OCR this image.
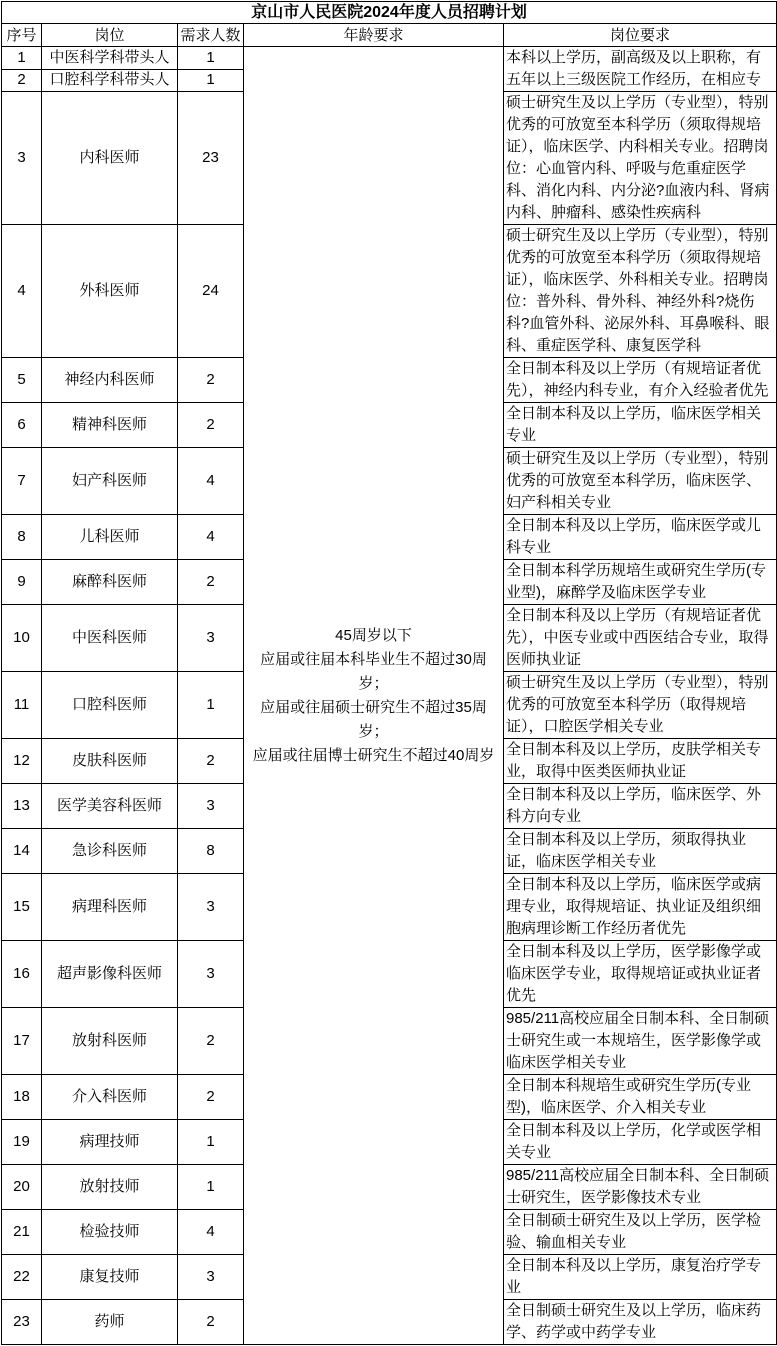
京山市人民医院2024年度人员招聘计划				
序号	岗位	需求人数	年龄要求	岗位要求
1	中医科学科带头人	1	45周岁以下
应届或往届本科毕业生不超过30周岁；
应届或往届硕士研究生不超过35周岁；
应届或往届博士研究生不超过40周岁	本科以上学历，副高级及以上职称，有五年以上三级医院工作经历，在相应专
2	口腔科学科带头人	1		
3	内科医师	23		硕士研究生及以上学历（专业型），特别优秀的可放宽至本科学历（须取得规培证），临床医学、内科相关专业。招聘岗位：心血管内科、呼吸与危重症医学科、消化内科、内分泌?血液内科、肾病内科、肿瘤科、感染性疾病科
4	外科医师	24		硕士研究生及以上学历（专业型），特别优秀的可放宽至本科学历（须取得规培证），临床医学、外科相关专业。招聘岗位：普外科、骨外科、神经外科?烧伤科?血管外科、泌尿外科、耳鼻喉科、眼科、重症医学科、康复医学科
5	神经内科医师	2		全日制本科及以上学历（有规培证者优先），神经内科专业，有介入经验者优先
6	精神科医师	2		全日制本科及以上学历，临床医学相关专业
7	妇产科医师	4		硕士研究生及以上学历（专业型），特别优秀的可放宽至本科学历，临床医学、妇产科相关专业
8	儿科医师	4		全日制本科及以上学历，临床医学或儿科专业
9	麻醉科医师	2		全日制本科学历规培生或研究生学历(专业型)，麻醉学及临床医学专业
10	中医科医师	3		全日制本科及以上学历（有规培证者优先），中医专业或中西医结合专业，取得医师执业证
11	口腔科医师	1		硕士研究生及以上学历（专业型），特别优秀的可放宽至本科学历（取得规培证），口腔医学相关专业
12	皮肤科医师	2		全日制本科及以上学历，皮肤学相关专业，取得中医类医师执业证
13	医学美容科医师	3		全日制本科及以上学历，临床医学、外科方向专业
14	急诊科医师	8		全日制本科及以上学历，须取得执业证，临床医学相关专业
15	病理科医师	3		全日制本科及以上学历，临床医学或病理专业，取得规培证、执业证及组织细胞病理诊断工作经历者优先
16	超声影像科医师	3		全日制本科及以上学历，医学影像学或临床医学专业，取得规培证或执业证者优先
17	放射科医师	2		985/211高校应届全日制本科、全日制硕士研究生或一本规培生，医学影像学或临床医学相关专业
18	介入科医师	2		全日制本科规培生或研究生学历(专业型)，临床医学、介入相关专业
19	病理技师	1		全日制本科及以上学历，化学或医学相关专业
20	放射技师	1		985/211高校应届全日制本科、全日制硕士研究生，医学影像技术专业
21	检验技师	4		全日制硕士研究生及以上学历，医学检验、输血相关专业
22	康复技师	3		全日制本科及以上学历，康复治疗学专业
23	药师	2		全日制硕士研究生及以上学历，临床药学、药学或中药学专业
